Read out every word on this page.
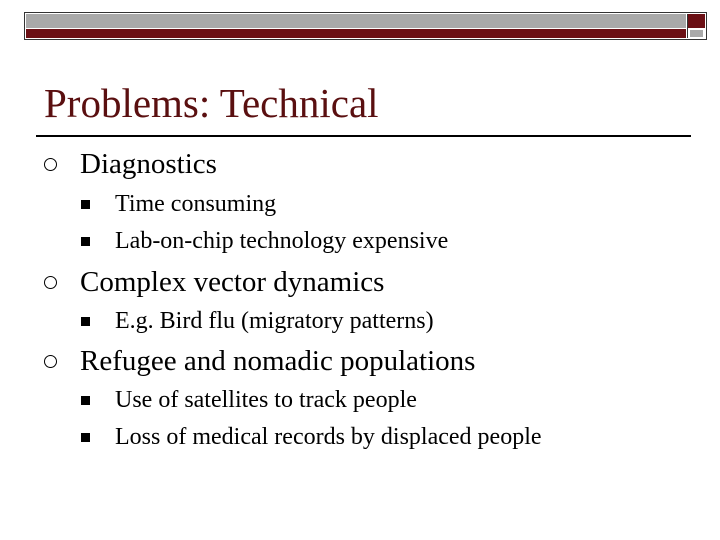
Problems: Technical
Diagnostics
Time consuming
Lab-on-chip technology expensive
Complex vector dynamics
E.g. Bird flu (migratory patterns)
Refugee and nomadic populations
Use of satellites to track people
Loss of medical records by displaced people
